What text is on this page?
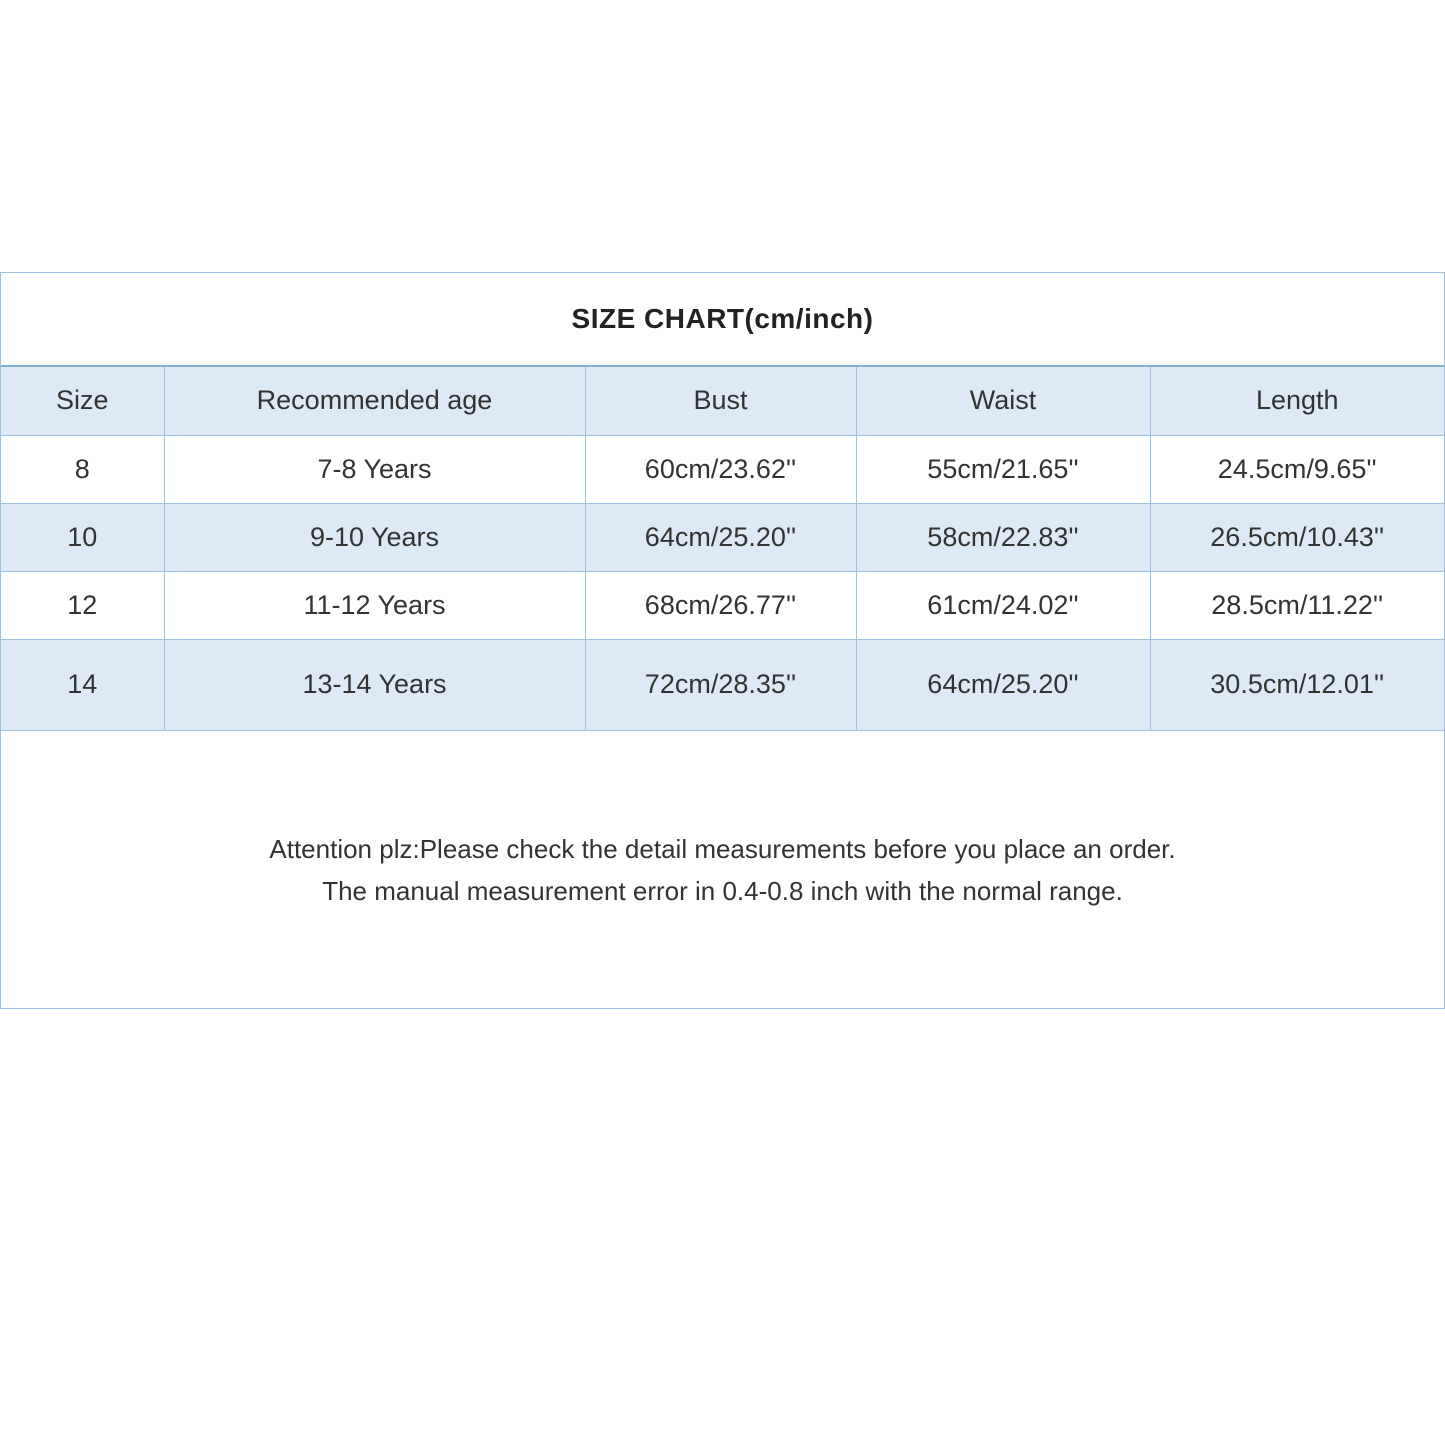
SIZE CHART(cm/inch)
Size	Recommended age	Bust	Waist	Length
8	7-8 Years	60cm/23.62''	55cm/21.65''	24.5cm/9.65''
10	9-10 Years	64cm/25.20''	58cm/22.83''	26.5cm/10.43''
12	11-12 Years	68cm/26.77''	61cm/24.02''	28.5cm/11.22''
14	13-14 Years	72cm/28.35''	64cm/25.20''	30.5cm/12.01''
Attention plz:Please check the detail measurements before you place an order.
The manual measurement error in 0.4-0.8 inch with the normal range.
